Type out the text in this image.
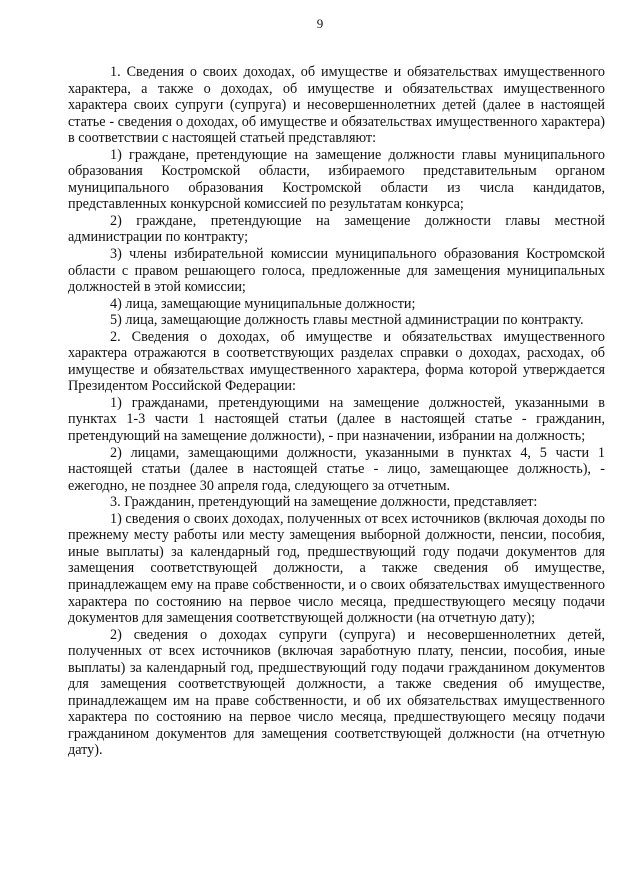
9

1. Сведения о своих доходах, об имуществе и обязательствах имущественного характера, а также о доходах, об имуществе и обязательствах имущественного характера своих супруги (супруга) и несовершеннолетних детей (далее в настоящей статье - сведения о доходах, об имуществе и обязательствах имущественного характера) в соответствии с настоящей статьей представляют:

1) граждане, претендующие на замещение должности главы муниципального образования Костромской области, избираемого представительным органом муниципального образования Костромской области из числа кандидатов, представленных конкурсной комиссией по результатам конкурса;

2) граждане, претендующие на замещение должности главы местной администрации по контракту;

3) члены избирательной комиссии муниципального образования Костромской области с правом решающего голоса, предложенные для замещения муниципальных должностей в этой комиссии;

4) лица, замещающие муниципальные должности;

5) лица, замещающие должность главы местной администрации по контракту.

2. Сведения о доходах, об имуществе и обязательствах имущественного характера отражаются в соответствующих разделах справки о доходах, расходах, об имуществе и обязательствах имущественного характера, форма которой утверждается Президентом Российской Федерации:

1) гражданами, претендующими на замещение должностей, указанными в пунктах 1-3 части 1 настоящей статьи (далее в настоящей статье - гражданин, претендующий на замещение должности), - при назначении, избрании на должность;

2) лицами, замещающими должности, указанными в пунктах 4, 5 части 1 настоящей статьи (далее в настоящей статье - лицо, замещающее должность), - ежегодно, не позднее 30 апреля года, следующего за отчетным.

3. Гражданин, претендующий на замещение должности, представляет:

1) сведения о своих доходах, полученных от всех источников (включая доходы по прежнему месту работы или месту замещения выборной должности, пенсии, пособия, иные выплаты) за календарный год, предшествующий году подачи документов для замещения соответствующей должности, а также сведения об имуществе, принадлежащем ему на праве собственности, и о своих обязательствах имущественного характера по состоянию на первое число месяца, предшествующего месяцу подачи документов для замещения соответствующей должности (на отчетную дату);

2) сведения о доходах супруги (супруга) и несовершеннолетних детей, полученных от всех источников (включая заработную плату, пенсии, пособия, иные выплаты) за календарный год, предшествующий году подачи гражданином документов для замещения соответствующей должности, а также сведения об имуществе, принадлежащем им на праве собственности, и об их обязательствах имущественного характера по состоянию на первое число месяца, предшествующего месяцу подачи гражданином документов для замещения соответствующей должности (на отчетную дату).
